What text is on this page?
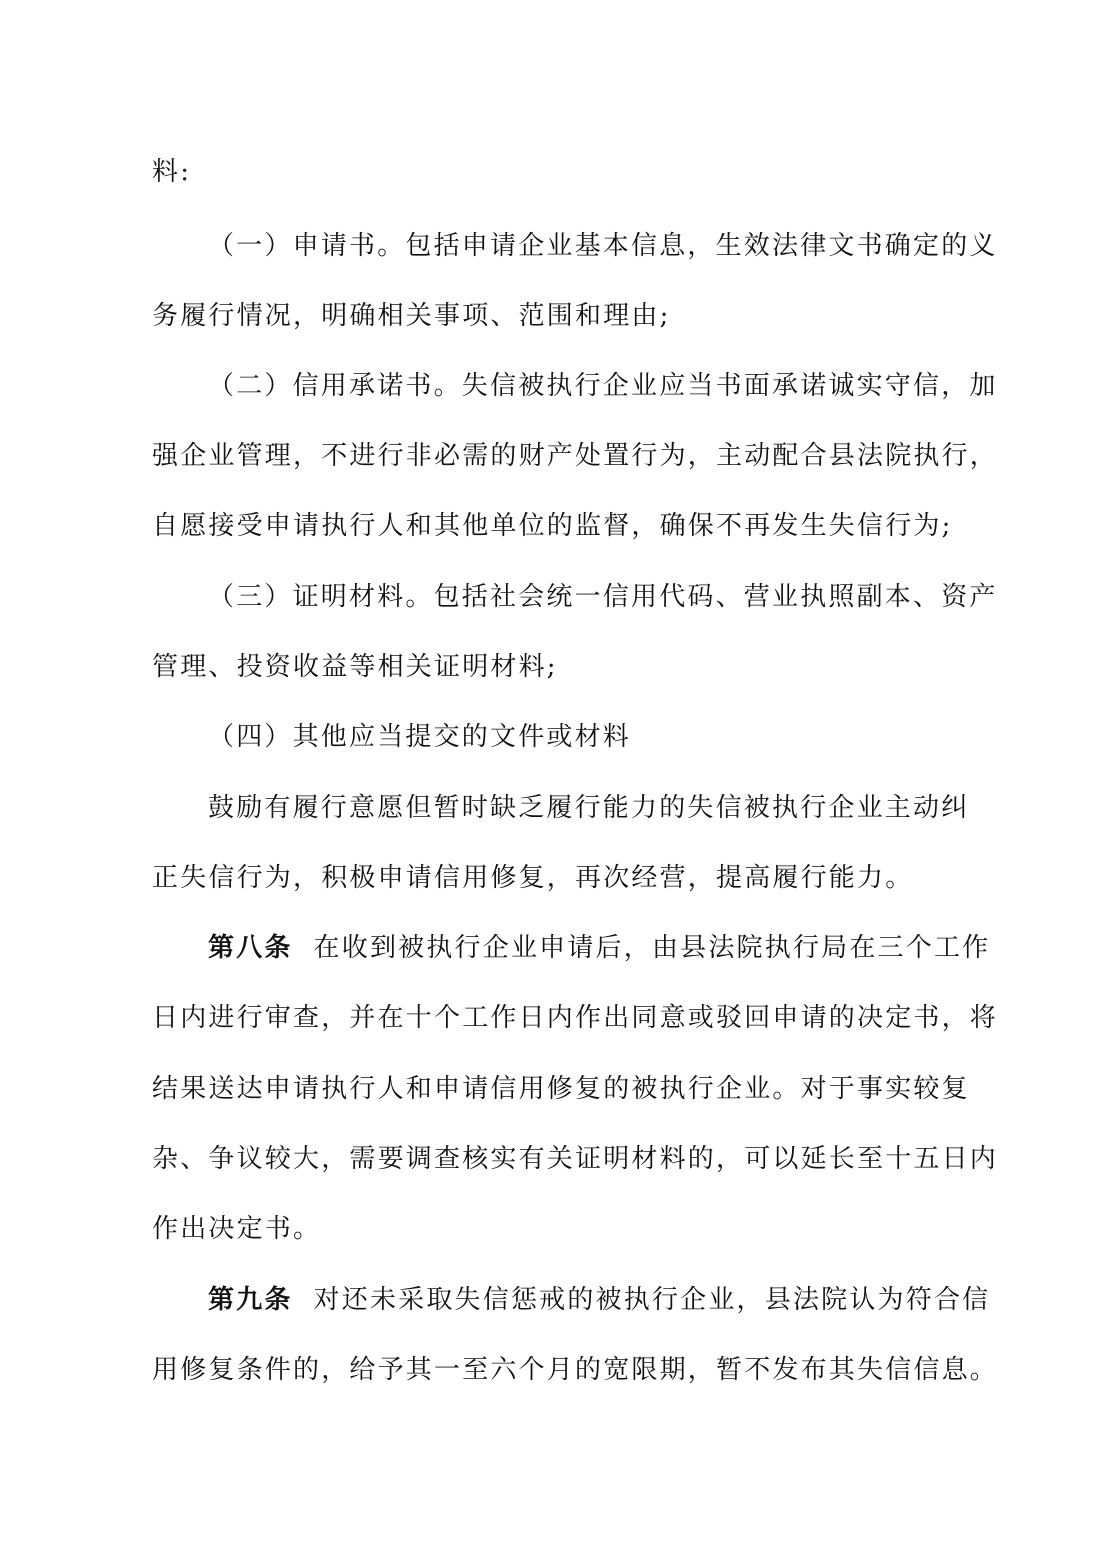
料:
（一）申请书。包括申请企业基本信息，生效法律文书确定的义
务履行情况，明确相关事项、范围和理由;
（二）信用承诺书。失信被执行企业应当书面承诺诚实守信，加
强企业管理，不进行非必需的财产处置行为，主动配合县法院执行，
自愿接受申请执行人和其他单位的监督，确保不再发生失信行为;
（三）证明材料。包括社会统一信用代码、营业执照副本、资产
管理、投资收益等相关证明材料;
（四）其他应当提交的文件或材料
鼓励有履行意愿但暂时缺乏履行能力的失信被执行企业主动纠
正失信行为，积极申请信用修复，再次经营，提高履行能力。
第八条 在收到被执行企业申请后，由县法院执行局在三个工作
日内进行审查，并在十个工作日内作出同意或驳回申请的决定书，将
结果送达申请执行人和申请信用修复的被执行企业。对于事实较复
杂、争议较大，需要调查核实有关证明材料的，可以延长至十五日内
作出决定书。
第九条 对还未采取失信惩戒的被执行企业，县法院认为符合信
用修复条件的，给予其一至六个月的宽限期，暂不发布其失信信息。
